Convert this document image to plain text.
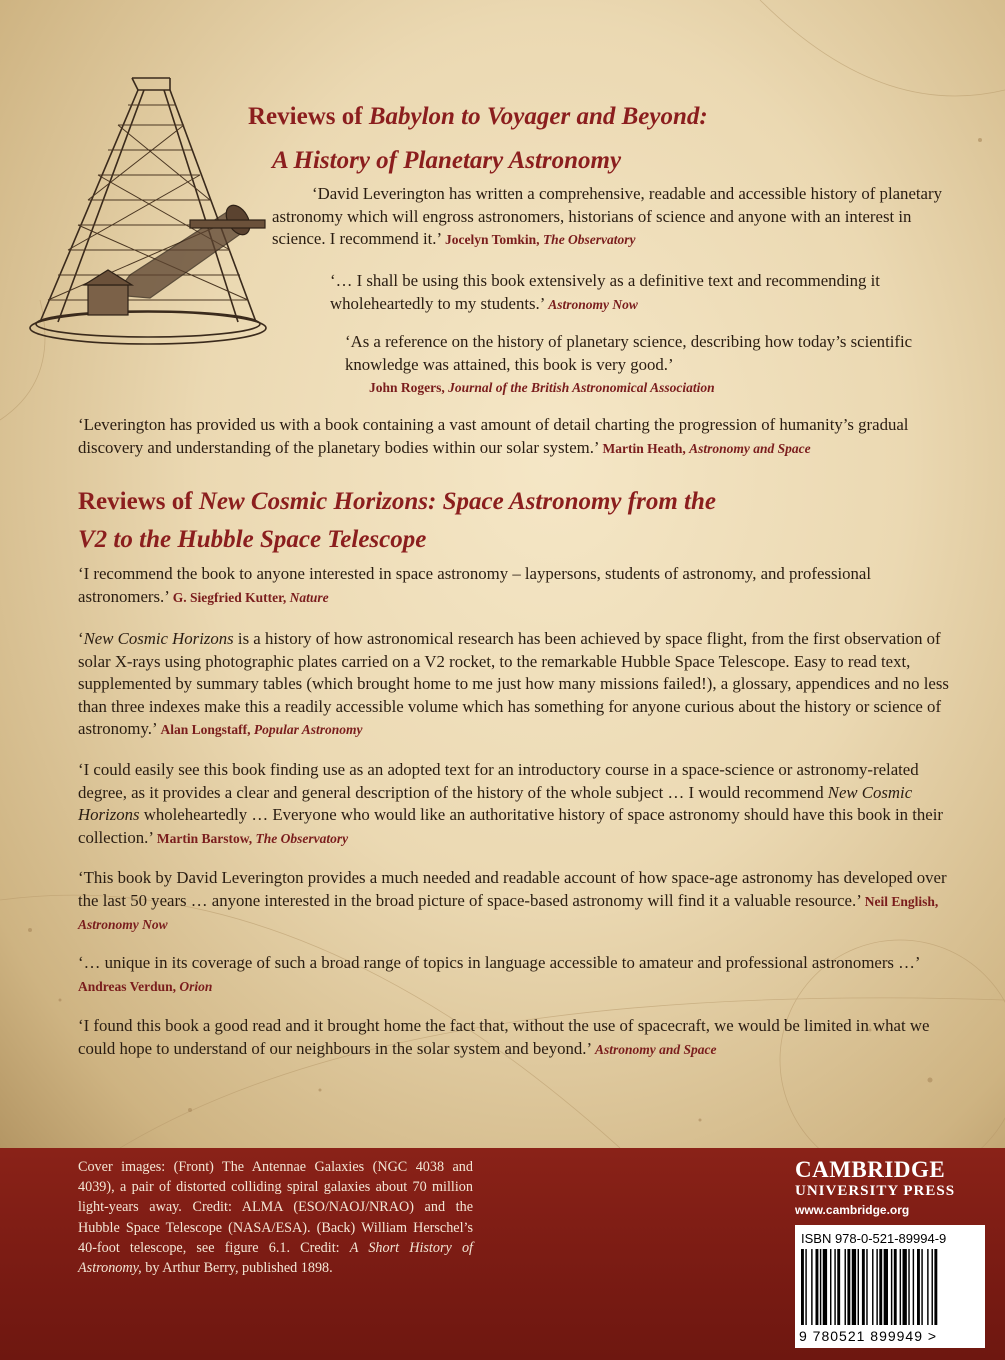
Reviews of Babylon to Voyager and Beyond:
A History of Planetary Astronomy

‘David Leverington has written a comprehensive, readable and accessible history of planetary astronomy which will engross astronomers, historians of science and anyone with an interest in science. I recommend it.’ Jocelyn Tomkin, The Observatory

‘… I shall be using this book extensively as a definitive text and recommending it wholeheartedly to my students.’ Astronomy Now

‘As a reference on the history of planetary science, describing how today’s scientific knowledge was attained, this book is very good.’
John Rogers, Journal of the British Astronomical Association

‘Leverington has provided us with a book containing a vast amount of detail charting the progression of humanity’s gradual discovery and understanding of the planetary bodies within our solar system.’ Martin Heath, Astronomy and Space

Reviews of New Cosmic Horizons: Space Astronomy from the
V2 to the Hubble Space Telescope

‘I recommend the book to anyone interested in space astronomy – laypersons, students of astronomy, and professional astronomers.’ G. Siegfried Kutter, Nature

‘New Cosmic Horizons is a history of how astronomical research has been achieved by space flight, from the first observation of solar X-rays using photographic plates carried on a V2 rocket, to the remarkable Hubble Space Telescope. Easy to read text, supplemented by summary tables (which brought home to me just how many missions failed!), a glossary, appendices and no less than three indexes make this a readily accessible volume which has something for anyone curious about the history or science of astronomy.’ Alan Longstaff, Popular Astronomy

‘I could easily see this book finding use as an adopted text for an introductory course in a space-science or astronomy-related degree, as it provides a clear and general description of the history of the whole subject … I would recommend New Cosmic Horizons wholeheartedly … Everyone who would like an authoritative history of space astronomy should have this book in their collection.’ Martin Barstow, The Observatory

‘This book by David Leverington provides a much needed and readable account of how space-age astronomy has developed over the last 50 years … anyone interested in the broad picture of space-based astronomy will find it a valuable resource.’ Neil English, Astronomy Now

‘… unique in its coverage of such a broad range of topics in language accessible to amateur and professional astronomers …’ Andreas Verdun, Orion

‘I found this book a good read and it brought home the fact that, without the use of spacecraft, we would be limited in what we could hope to understand of our neighbours in the solar system and beyond.’ Astronomy and Space

Cover images: (Front) The Antennae Galaxies (NGC 4038 and 4039), a pair of distorted colliding spiral galaxies about 70 million light-years away. Credit: ALMA (ESO/NAOJ/NRAO) and the Hubble Space Telescope (NASA/ESA). (Back) William Herschel’s 40-foot telescope, see figure 6.1. Credit: A Short History of Astronomy, by Arthur Berry, published 1898.

CAMBRIDGE
UNIVERSITY PRESS
www.cambridge.org
ISBN 978-0-521-89994-9
9 780521 899949 >
